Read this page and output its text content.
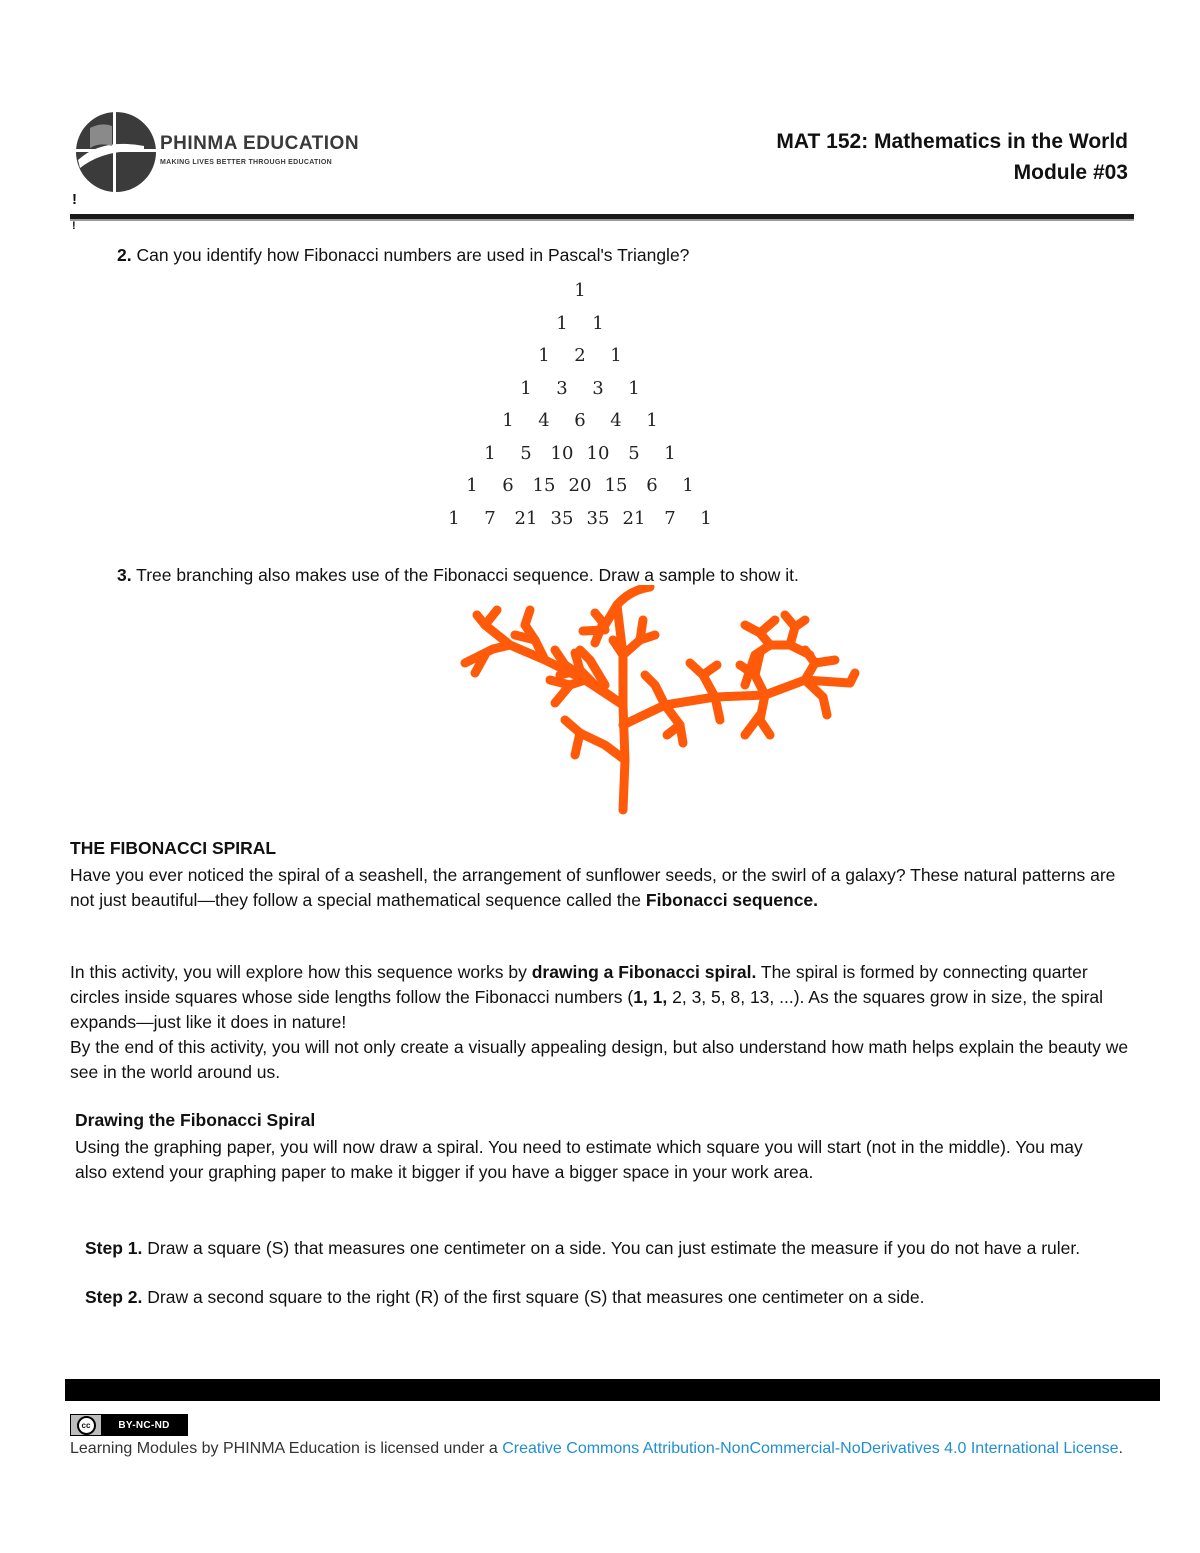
PHINMA EDUCATION
MAKING LIVES BETTER THROUGH EDUCATION
MAT 152: Mathematics in the World
Module #03
!
!
2. Can you identify how Fibonacci numbers are used in Pascal's Triangle?
1
1	1
1	2	1
1	3	3	1
1	4	6	4	1
1	5	10 10	5	1
1	6	15 20 15	6	1
1	7	21 35 35 21	7	1
3. Tree branching also makes use of the Fibonacci sequence. Draw a sample to show it.
THE FIBONACCI SPIRAL
Have you ever noticed the spiral of a seashell, the arrangement of sunflower seeds, or the swirl of a galaxy? These natural patterns are not just beautiful—they follow a special mathematical sequence called the Fibonacci sequence.
In this activity, you will explore how this sequence works by drawing a Fibonacci spiral. The spiral is formed by connecting quarter circles inside squares whose side lengths follow the Fibonacci numbers (1, 1, 2, 3, 5, 8, 13, ...). As the squares grow in size, the spiral expands—just like it does in nature!
By the end of this activity, you will not only create a visually appealing design, but also understand how math helps explain the beauty we see in the world around us.
Drawing the Fibonacci Spiral
Using the graphing paper, you will now draw a spiral. You need to estimate which square you will start (not in the middle). You may also extend your graphing paper to make it bigger if you have a bigger space in your work area.
Step 1. Draw a square (S) that measures one centimeter on a side. You can just estimate the measure if you do not have a ruler.
Step 2. Draw a second square to the right (R) of the first square (S) that measures one centimeter on a side.
cc	BY-NC-ND
Learning Modules by PHINMA Education is licensed under a Creative Commons Attribution-NonCommercial-NoDerivatives 4.0 International License.
